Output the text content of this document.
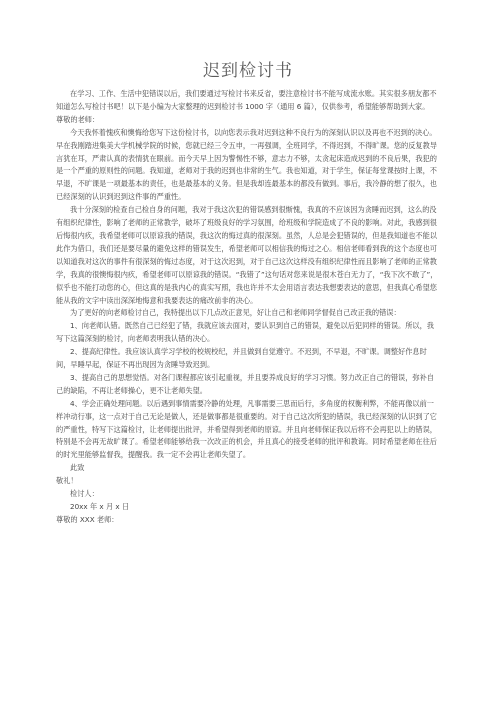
迟到检讨书

在学习、工作、生活中犯错误以后，我们要通过写检讨书来反省，要注意检讨书不能写成流水账。其实很多朋友都不知道怎么写检讨书吧！以下是小编为大家整理的迟到检讨书 1000 字（通用 6 篇），仅供参考，希望能够帮助到大家。

尊敬的老师：

今天我怀着愧疚和懊悔给您写下这份检讨书，以向您表示我对迟到这种不良行为的深刻认识以及再也不迟到的决心。早在我刚踏进集美大学机械学院的时候，您就已经三令五申，一再强调，全班同学，不得迟到，不得旷课。您的反复教导言犹在耳，严肃认真的表情犹在眼前。而今天早上因为警惕性不够，意志力不够，太贪起床造成迟到的不良后果，我犯的是一个严重的原则性的问题。我知道，老师对于我的迟到也非常的生气。我也知道，对于学生，保证每堂课按时上课，不早退，不旷课是一项最基本的责任，也是最基本的义务。但是我却连最基本的都没有做到。事后，我冷静的想了很久，也已经深刻的认识到迟到这件事的严重性。

我十分深刻的检查自己检自身的问题，我对于我这次犯的错误感到很惭愧，我真的不应该因为贪睡而迟到，这么的没有组织纪律性，影响了老师的正常教学，破坏了班级良好的学习氛围，给班级和学院造成了不良的影响。对此，我感到很后悔很内疚，我希望老师可以原谅我的错误，我这次的悔过真的很深刻。虽然，人总是会犯错误的，但是我知道也不能以此作为借口，我们还是要尽量的避免这样的错误发生，希望老师可以相信我的悔过之心。相信老师看到我的这个态度也可以知道我对这次的事件有很深刻的悔过态度，对于这次迟到，对于自己这次这样没有组织纪律性而且影响了老师的正常教学，我真的很懊悔很内疚，希望老师可以原谅我的错误。“我错了”这句话对您来说是很木苍白无力了，“我下次不敢了”，似乎也不能打动您的心，但这真的是我内心的真实写照，我也许并不太会用语言表达我想要表达的意思，但我真心希望您能从我的文字中读出深深地悔意和我要表达的痛改前非的决心。

为了更好的向老师检讨自己，我特提出以下几点改正意见，好让自己和老师同学督促自己改正我的错误：

1、向老师认错。既然自己已经犯了错，我就应该去面对，要认识到自己的错误，避免以后犯同样的错误。所以，我写下这篇深刻的检讨，向老师表明我认错的决心。

2、提高纪律性。我应该认真学习学校的校规校纪，并且做到自觉遵守。不迟到，不早退，不旷课。调整好作息时间，早睡早起，保证不再出现因为贪睡导致迟到。

3、提高自己的思想觉悟。对各门课程都应该引起重视，并且要养成良好的学习习惯。努力改正自己的错误，弥补自己的缺陷，不再让老师操心，更不让老师失望。

4、学会正确处理问题。以后遇到事情需要冷静的处理，凡事需要三思而后行，多角度的权衡利弊，不能再像以前一样冲动行事，这一点对于自己无论是做人，还是做事都是很重要的。对于自己这次所犯的错误，我已经深刻的认识到了它的严重性，特写下这篇检讨，让老师提出批评，并希望得到老师的原谅。并且向老师保证我以后将不会再犯以上的错误，特别是不会再无故旷课了。希望老师能够给我一次改正的机会，并且真心的接受老师的批评和教诲。同时希望老师在往后的时光里能够监督我，提醒我。我一定不会再让老师失望了。

此致

敬礼！

检讨人：

20xx 年 x 月 x 日

尊敬的 XXX 老师：
